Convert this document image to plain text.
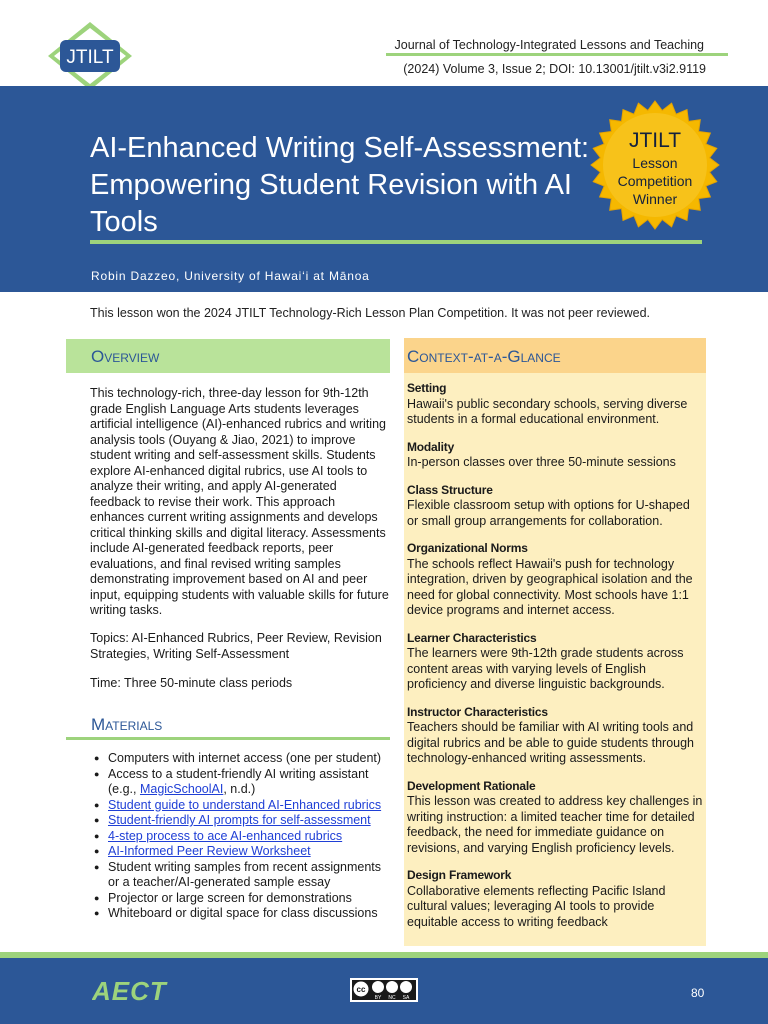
JTILT
Journal of Technology-Integrated Lessons and Teaching
(2024) Volume 3, Issue 2; DOI: 10.13001/jtilt.v3i2.9119
AI-Enhanced Writing Self-Assessment: Empowering Student Revision with AI Tools
Robin Dazzeo, University of Hawai‘i at Mānoa
JTILT
Lesson
Competition
Winner
This lesson won the 2024 JTILT Technology-Rich Lesson Plan Competition. It was not peer reviewed.
Overview

This technology-rich, three-day lesson for 9th-12th grade English Language Arts students leverages artificial intelligence (AI)-enhanced rubrics and writing analysis tools (Ouyang & Jiao, 2021) to improve student writing and self-assessment skills. Students explore AI-enhanced digital rubrics, use AI tools to analyze their writing, and apply AI-generated feedback to revise their work. This approach enhances current writing assignments and develops critical thinking skills and digital literacy. Assessments include AI-generated feedback reports, peer evaluations, and final revised writing samples demonstrating improvement based on AI and peer input, equipping students with valuable skills for future writing tasks.

Topics: AI-Enhanced Rubrics, Peer Review, Revision Strategies, Writing Self-Assessment

Time: Three 50-minute class periods

Materials
● Computers with internet access (one per student)
● Access to a student-friendly AI writing assistant (e.g., MagicSchoolAI, n.d.)
● Student guide to understand AI-Enhanced rubrics
● Student-friendly AI prompts for self-assessment
● 4-step process to ace AI-enhanced rubrics
● AI-Informed Peer Review Worksheet
● Student writing samples from recent assignments or a teacher/AI-generated sample essay
● Projector or large screen for demonstrations
● Whiteboard or digital space for class discussions
Context-at-a-Glance
Setting
Hawaii's public secondary schools, serving diverse students in a formal educational environment.
Modality
In-person classes over three 50-minute sessions
Class Structure
Flexible classroom setup with options for U-shaped or small group arrangements for collaboration.
Organizational Norms
The schools reflect Hawaii's push for technology integration, driven by geographical isolation and the need for global connectivity. Most schools have 1:1 device programs and internet access.
Learner Characteristics
The learners were 9th-12th grade students across content areas with varying levels of English proficiency and diverse linguistic backgrounds.
Instructor Characteristics
Teachers should be familiar with AI writing tools and digital rubrics and be able to guide students through technology-enhanced writing assessments.
Development Rationale
This lesson was created to address key challenges in writing instruction: a limited teacher time for detailed feedback, the need for immediate guidance on revisions, and varying English proficiency levels.
Design Framework
Collaborative elements reflecting Pacific Island cultural values; leveraging AI tools to provide equitable access to writing feedback
AECT	cc
BY NC SA	80
